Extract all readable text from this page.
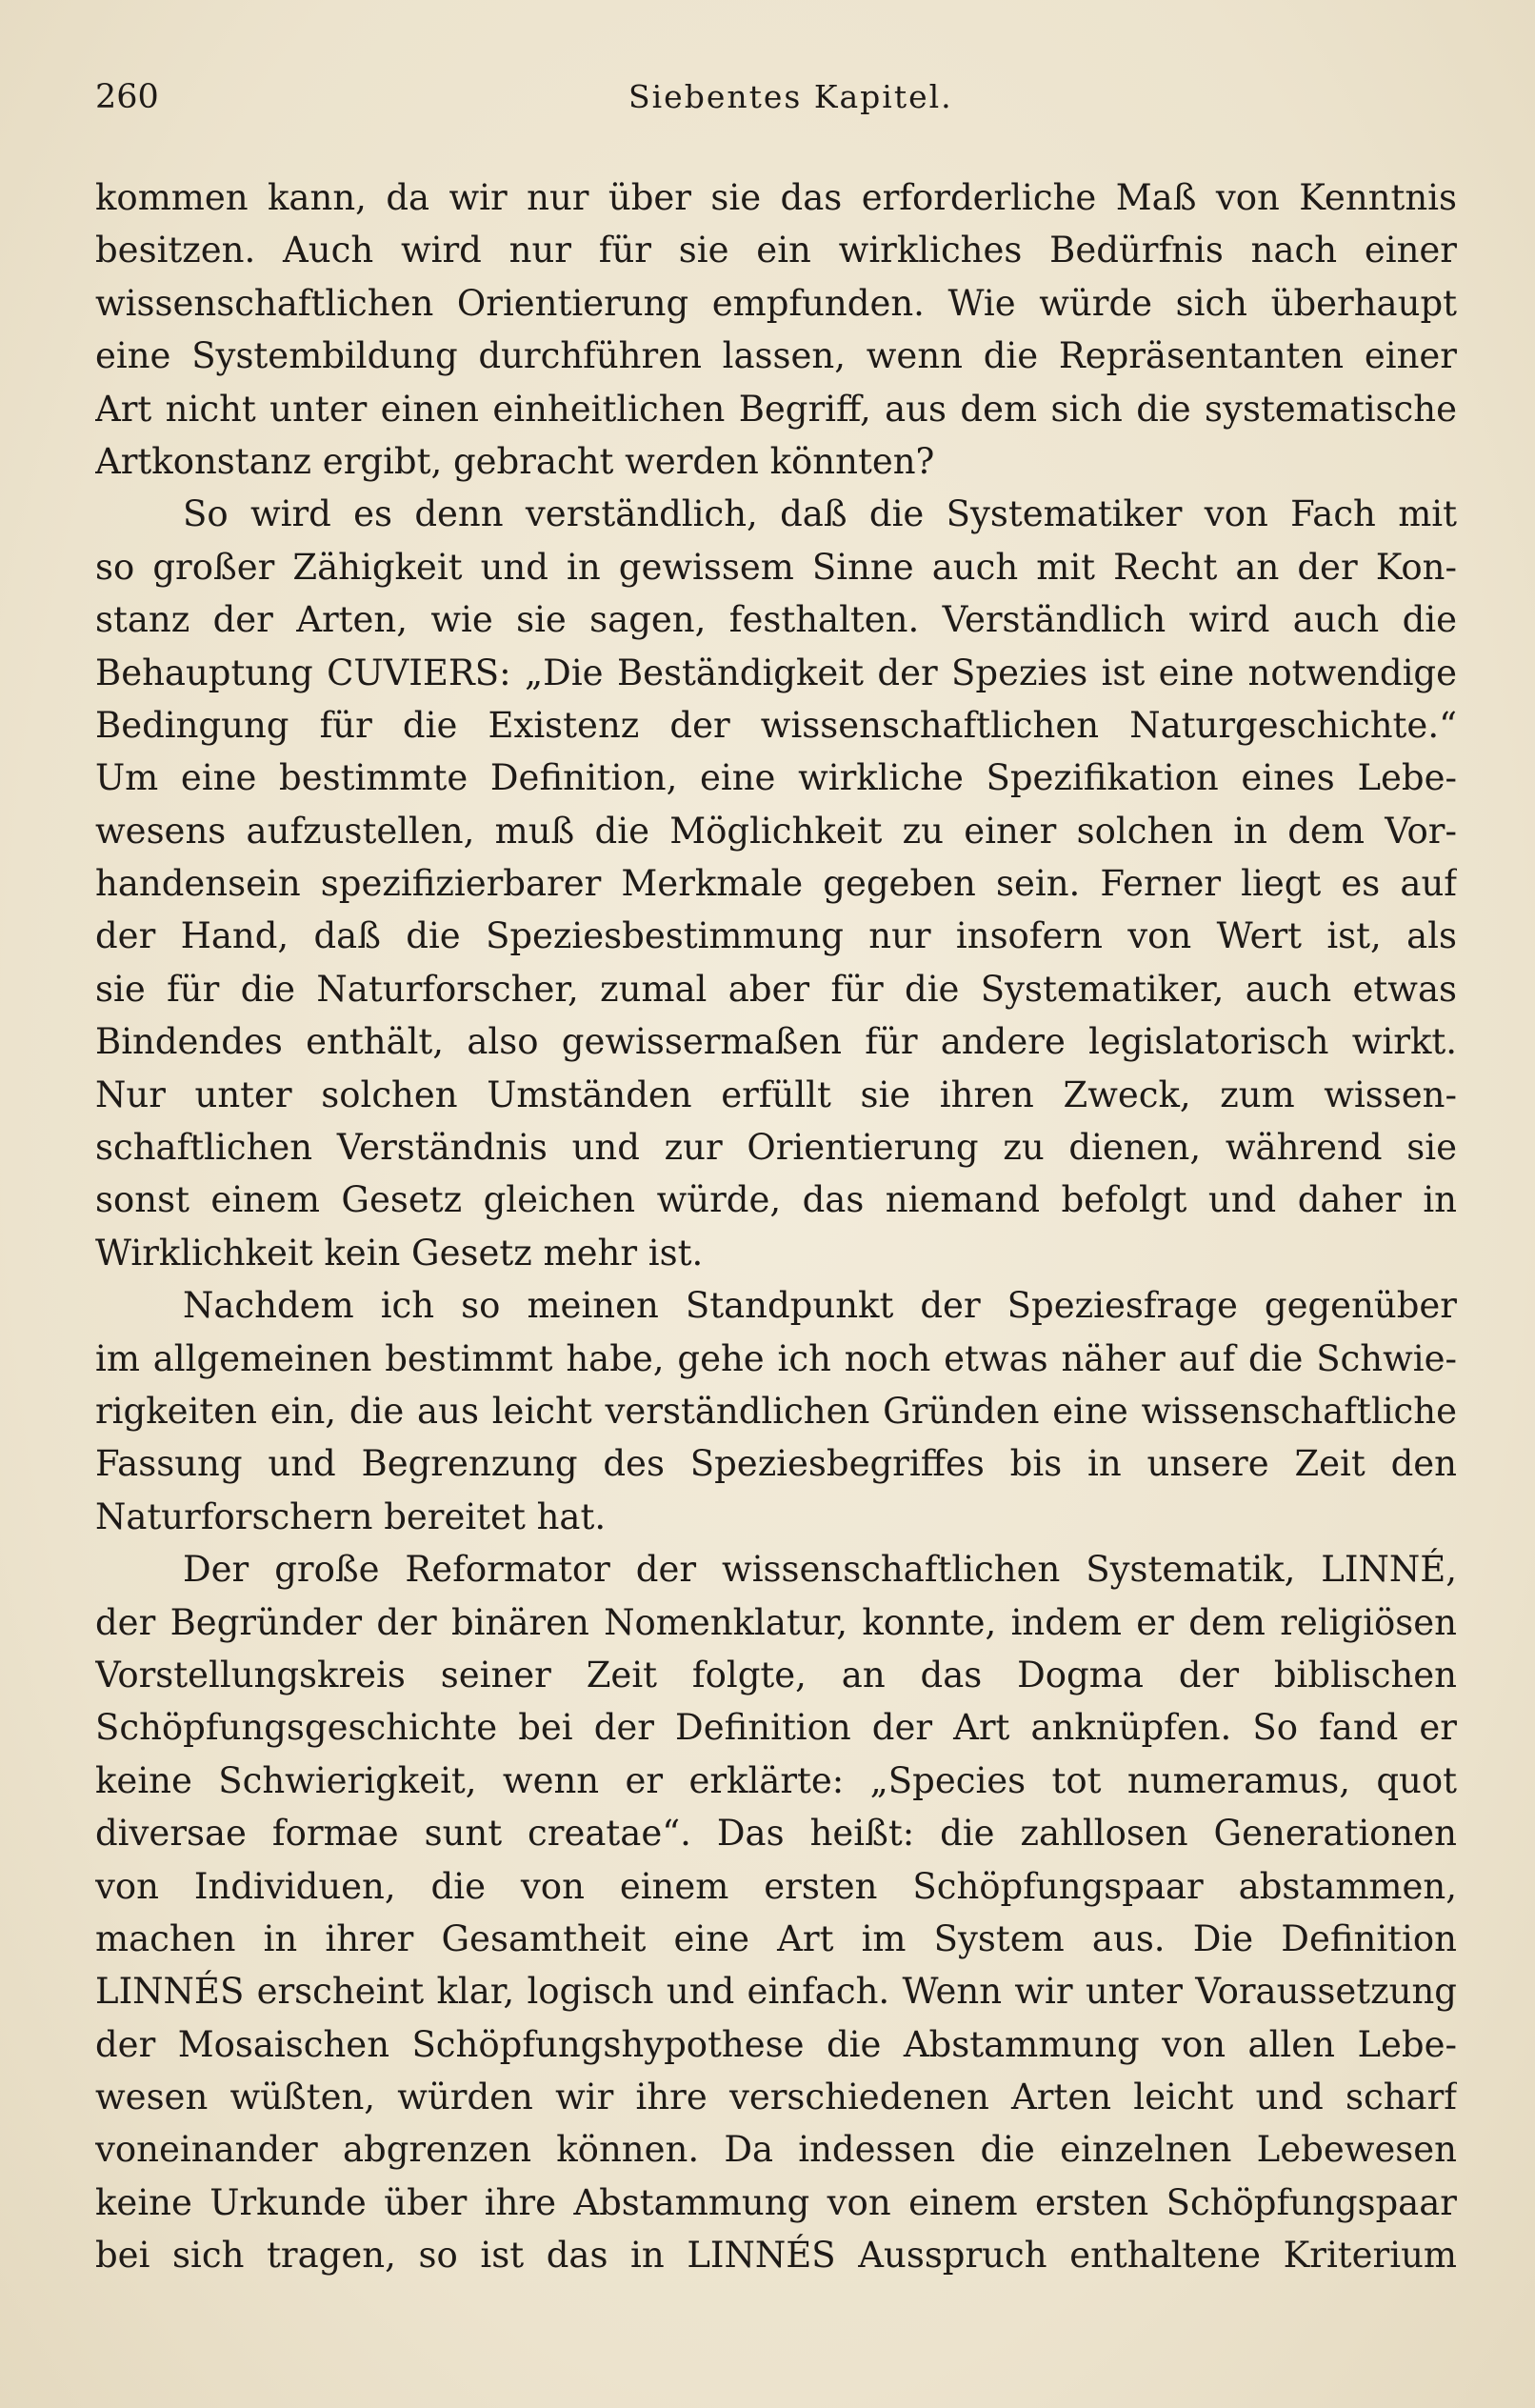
260	Siebentes Kapitel.
kommen kann, da wir nur über sie das erforderliche Maß von Kenntnis
besitzen. Auch wird nur für sie ein wirkliches Bedürfnis nach einer
wissenschaftlichen Orientierung empfunden. Wie würde sich überhaupt
eine Systembildung durchführen lassen, wenn die Repräsentanten einer
Art nicht unter einen einheitlichen Begriff, aus dem sich die systematische
Artkonstanz ergibt, gebracht werden könnten?
So wird es denn verständlich, daß die Systematiker von Fach mit
so großer Zähigkeit und in gewissem Sinne auch mit Recht an der Kon-
stanz der Arten, wie sie sagen, festhalten. Verständlich wird auch die
Behauptung CUVIERS: „Die Beständigkeit der Spezies ist eine notwendige
Bedingung für die Existenz der wissenschaftlichen Naturgeschichte.“
Um eine bestimmte Definition, eine wirkliche Spezifikation eines Lebe-
wesens aufzustellen, muß die Möglichkeit zu einer solchen in dem Vor-
handensein spezifizierbarer Merkmale gegeben sein. Ferner liegt es auf
der Hand, daß die Speziesbestimmung nur insofern von Wert ist, als
sie für die Naturforscher, zumal aber für die Systematiker, auch etwas
Bindendes enthält, also gewissermaßen für andere legislatorisch wirkt.
Nur unter solchen Umständen erfüllt sie ihren Zweck, zum wissen-
schaftlichen Verständnis und zur Orientierung zu dienen, während sie
sonst einem Gesetz gleichen würde, das niemand befolgt und daher in
Wirklichkeit kein Gesetz mehr ist.
Nachdem ich so meinen Standpunkt der Speziesfrage gegenüber
im allgemeinen bestimmt habe, gehe ich noch etwas näher auf die Schwie-
rigkeiten ein, die aus leicht verständlichen Gründen eine wissenschaftliche
Fassung und Begrenzung des Speziesbegriffes bis in unsere Zeit den
Naturforschern bereitet hat.
Der große Reformator der wissenschaftlichen Systematik, LINNÉ,
der Begründer der binären Nomenklatur, konnte, indem er dem religiösen
Vorstellungskreis seiner Zeit folgte, an das Dogma der biblischen
Schöpfungsgeschichte bei der Definition der Art anknüpfen. So fand er
keine Schwierigkeit, wenn er erklärte: „Species tot numeramus, quot
diversae formae sunt creatae“. Das heißt: die zahllosen Generationen
von Individuen, die von einem ersten Schöpfungspaar abstammen,
machen in ihrer Gesamtheit eine Art im System aus. Die Definition
LINNÉS erscheint klar, logisch und einfach. Wenn wir unter Voraussetzung
der Mosaischen Schöpfungshypothese die Abstammung von allen Lebe-
wesen wüßten, würden wir ihre verschiedenen Arten leicht und scharf
voneinander abgrenzen können. Da indessen die einzelnen Lebewesen
keine Urkunde über ihre Abstammung von einem ersten Schöpfungspaar
bei sich tragen, so ist das in LINNÉS Ausspruch enthaltene Kriterium
